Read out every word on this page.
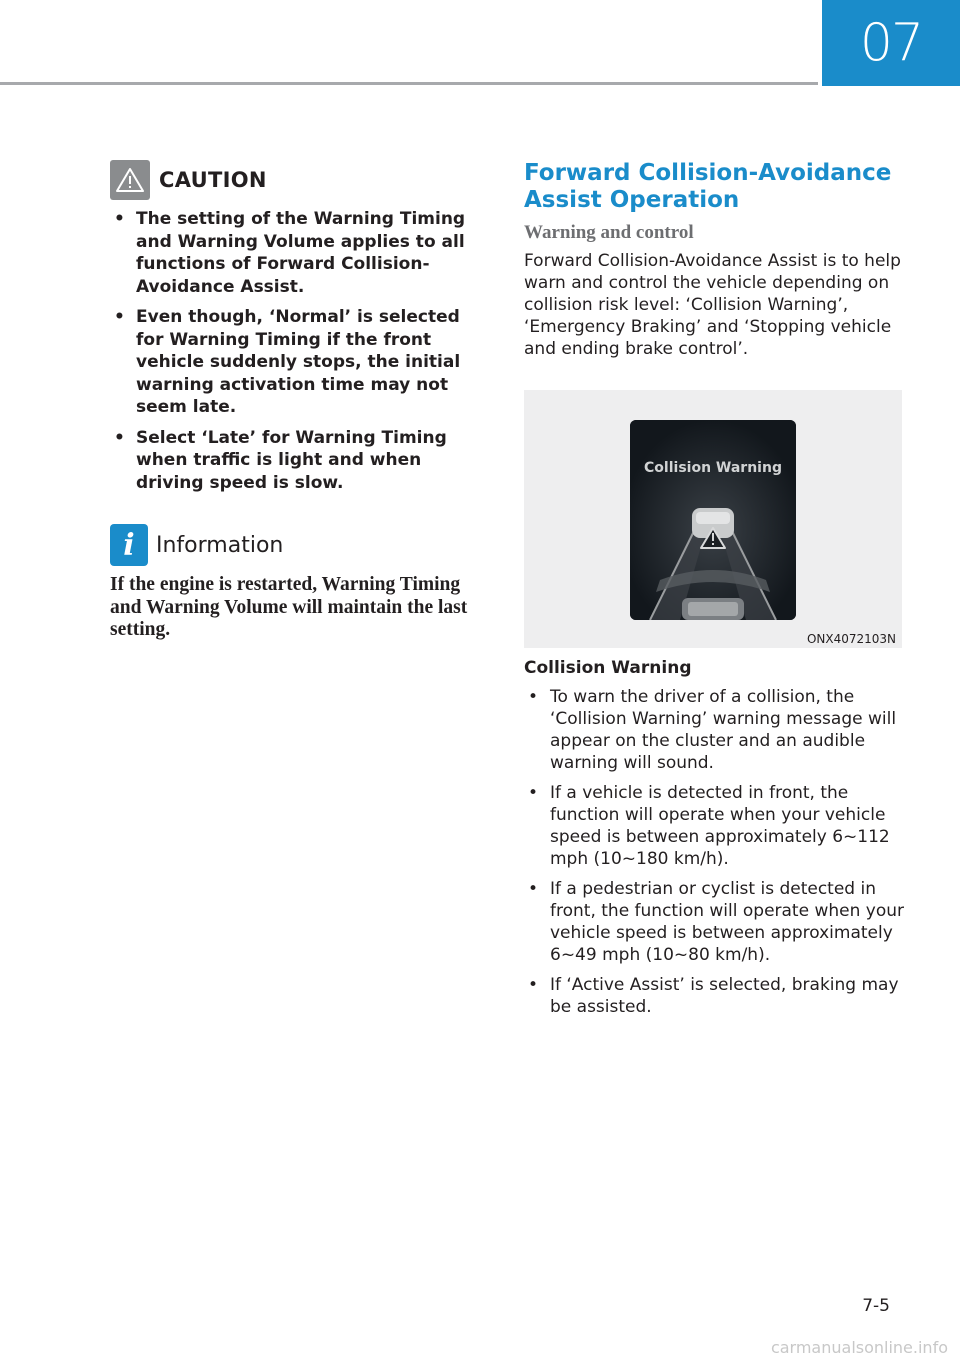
07
CAUTION
• The setting of the Warning Timing and Warning Volume applies to all functions of Forward Collision-Avoidance Assist.
• Even though, ‘Normal’ is selected for Warning Timing if the front vehicle suddenly stops, the initial warning activation time may not seem late.
• Select ‘Late’ for Warning Timing when traffic is light and when driving speed is slow.
i Information
If the engine is restarted, Warning Timing and Warning Volume will maintain the last setting.
Forward Collision-Avoidance Assist Operation
Warning and control
Forward Collision-Avoidance Assist is to help warn and control the vehicle depending on collision risk level: ‘Collision Warning’, ‘Emergency Braking’ and ‘Stopping vehicle and ending brake control’.
Collision Warning
ONX4072103N
Collision Warning
• To warn the driver of a collision, the ‘Collision Warning’ warning message will appear on the cluster and an audible warning will sound.
• If a vehicle is detected in front, the function will operate when your vehicle speed is between approximately 6~112 mph (10~180 km/h).
• If a pedestrian or cyclist is detected in front, the function will operate when your vehicle speed is between approximately 6~49 mph (10~80 km/h).
• If ‘Active Assist’ is selected, braking may be assisted.
7-5
carmanualsonline.info
